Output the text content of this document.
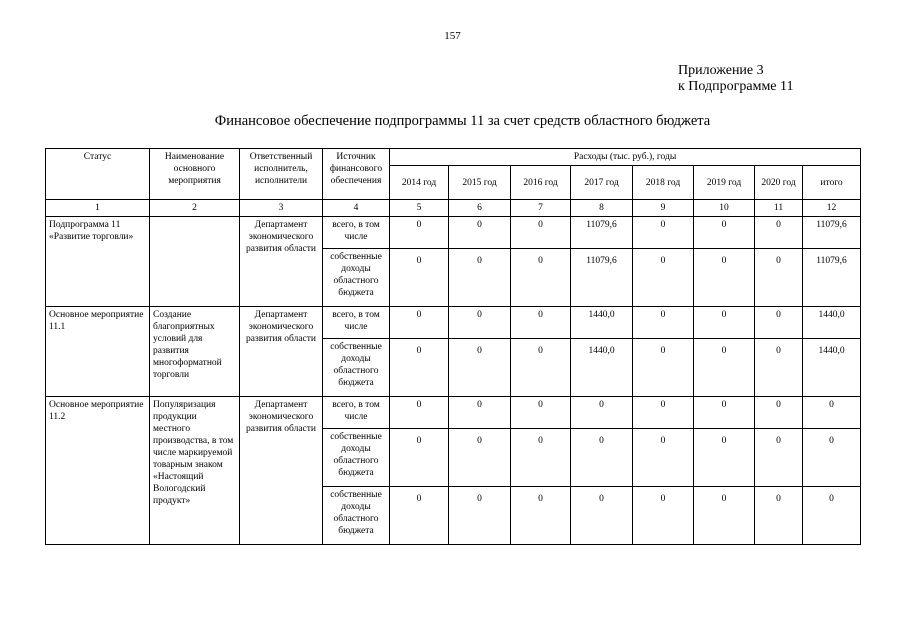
157
Приложение 3
к Подпрограмме 11
Финансовое обеспечение подпрограммы 11 за счет средств областного бюджета
Статус	Наименование основного мероприятия	Ответственный исполнитель, исполнители	Источник финансового обеспечения	Расходы (тыс. руб.), годы							
				2014 год	2015 год	2016 год	2017 год	2018 год	2019 год	2020 год	итого
1	2	3	4	5	6	7	8	9	10	11	12
Подпрограмма 11 «Развитие торговли»		Департамент экономического развития области	всего, в том числе	0	0	0	11079,6	0	0	0	11079,6
			собственные доходы областного бюджета	0	0	0	11079,6	0	0	0	11079,6
Основное мероприятие 11.1	Создание благоприятных условий для развития многоформатной торговли	Департамент экономического развития области	всего, в том числе	0	0	0	1440,0	0	0	0	1440,0
			собственные доходы областного бюджета	0	0	0	1440,0	0	0	0	1440,0
Основное мероприятие 11.2	Популяризация продукции местного производства, в том числе маркируемой товарным знаком «Настоящий Вологодский продукт»	Департамент экономического развития области	всего, в том числе	0	0	0	0	0	0	0	0
			собственные доходы областного бюджета	0	0	0	0	0	0	0	0
			собственные доходы областного бюджета	0	0	0	0	0	0	0	0
